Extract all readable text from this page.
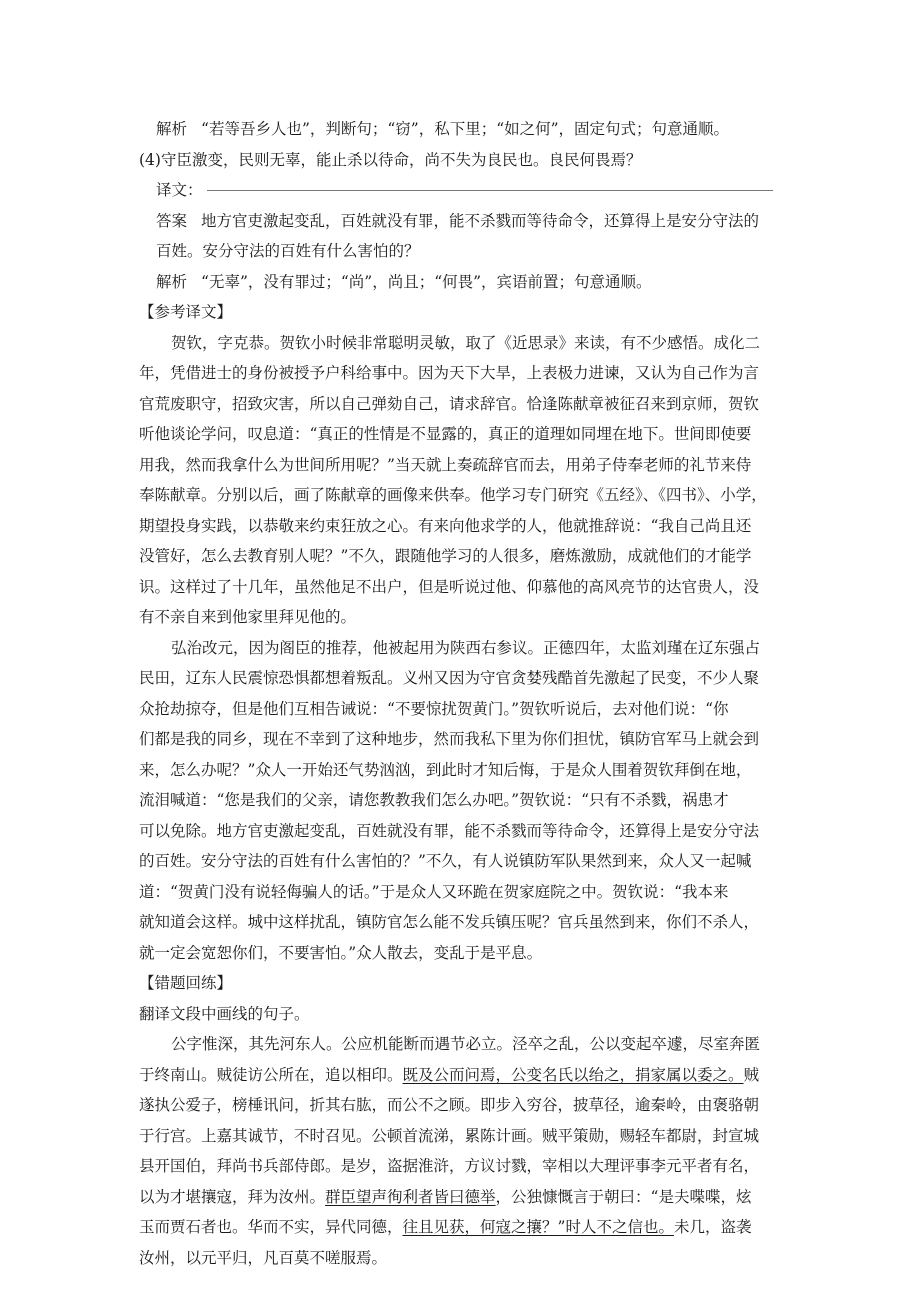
解析 “若等吾乡人也”，判断句；“窃”，私下里；“如之何”，固定句式；句意通顺。
(4)守臣激变，民则无辜，能止杀以待命，尚不失为良民也。良民何畏焉？
译文：
答案 地方官吏激起变乱，百姓就没有罪，能不杀戮而等待命令，还算得上是安分守法的
百姓。安分守法的百姓有什么害怕的？
解析 “无辜”，没有罪过；“尚”，尚且；“何畏”，宾语前置；句意通顺。
【参考译文】
贺钦，字克恭。贺钦小时候非常聪明灵敏，取了《近思录》来读，有不少感悟。成化二
年，凭借进士的身份被授予户科给事中。因为天下大旱，上表极力进谏，又认为自己作为言
官荒废职守，招致灾害，所以自己弹劾自己，请求辞官。恰逢陈献章被征召来到京师，贺钦
听他谈论学问，叹息道：“真正的性情是不显露的，真正的道理如同埋在地下。世间即使要
用我，然而我拿什么为世间所用呢？”当天就上奏疏辞官而去，用弟子侍奉老师的礼节来侍
奉陈献章。分别以后，画了陈献章的画像来供奉。他学习专门研究《五经》、《四书》、小学，
期望投身实践，以恭敬来约束狂放之心。有来向他求学的人，他就推辞说：“我自己尚且还
没管好，怎么去教育别人呢？”不久，跟随他学习的人很多，磨炼激励，成就他们的才能学
识。这样过了十几年，虽然他足不出户，但是听说过他、仰慕他的高风亮节的达官贵人，没
有不亲自来到他家里拜见他的。
弘治改元，因为阁臣的推荐，他被起用为陕西右参议。正德四年，太监刘瑾在辽东强占
民田，辽东人民震惊恐惧都想着叛乱。义州又因为守官贪婪残酷首先激起了民变，不少人聚
众抢劫掠夺，但是他们互相告诫说：“不要惊扰贺黄门。”贺钦听说后，去对他们说：“你
们都是我的同乡，现在不幸到了这种地步，然而我私下里为你们担忧，镇防官军马上就会到
来，怎么办呢？”众人一开始还气势汹汹，到此时才知后悔，于是众人围着贺钦拜倒在地，
流泪喊道：“您是我们的父亲，请您教教我们怎么办吧。”贺钦说：“只有不杀戮，祸患才
可以免除。地方官吏激起变乱，百姓就没有罪，能不杀戮而等待命令，还算得上是安分守法
的百姓。安分守法的百姓有什么害怕的？”不久，有人说镇防军队果然到来，众人又一起喊
道：“贺黄门没有说轻侮骗人的话。”于是众人又环跪在贺家庭院之中。贺钦说：“我本来
就知道会这样。城中这样扰乱，镇防官怎么能不发兵镇压呢？官兵虽然到来，你们不杀人，
就一定会宽恕你们，不要害怕。”众人散去，变乱于是平息。
【错题回练】
翻译文段中画线的句子。
公字惟深，其先河东人。公应机能断而遇节必立。泾卒之乱，公以变起卒遽，尽室奔匿
于终南山。贼徒访公所在，追以相印。既及公而问焉，公变名氏以绐之，捐家属以委之。贼
遂执公爱子，榜棰讯问，折其右肱，而公不之顾。即步入穷谷，披草径，逾秦岭，由褒骆朝
于行宫。上嘉其诚节，不时召见。公顿首流涕，累陈计画。贼平策勋，赐轻车都尉，封宣城
县开国伯，拜尚书兵部侍郎。是岁，盗据淮浒，方议讨戮，宰相以大理评事李元平者有名，
以为才堪攘寇，拜为汝州。群臣望声徇利者皆曰德举，公独慷慨言于朝曰：“是夫喋喋，炫
玉而贾石者也。华而不实，异代同德，往且见获，何寇之攘？”时人不之信也。未几，盗袭
汝州，以元平归，凡百莫不嗟服焉。
